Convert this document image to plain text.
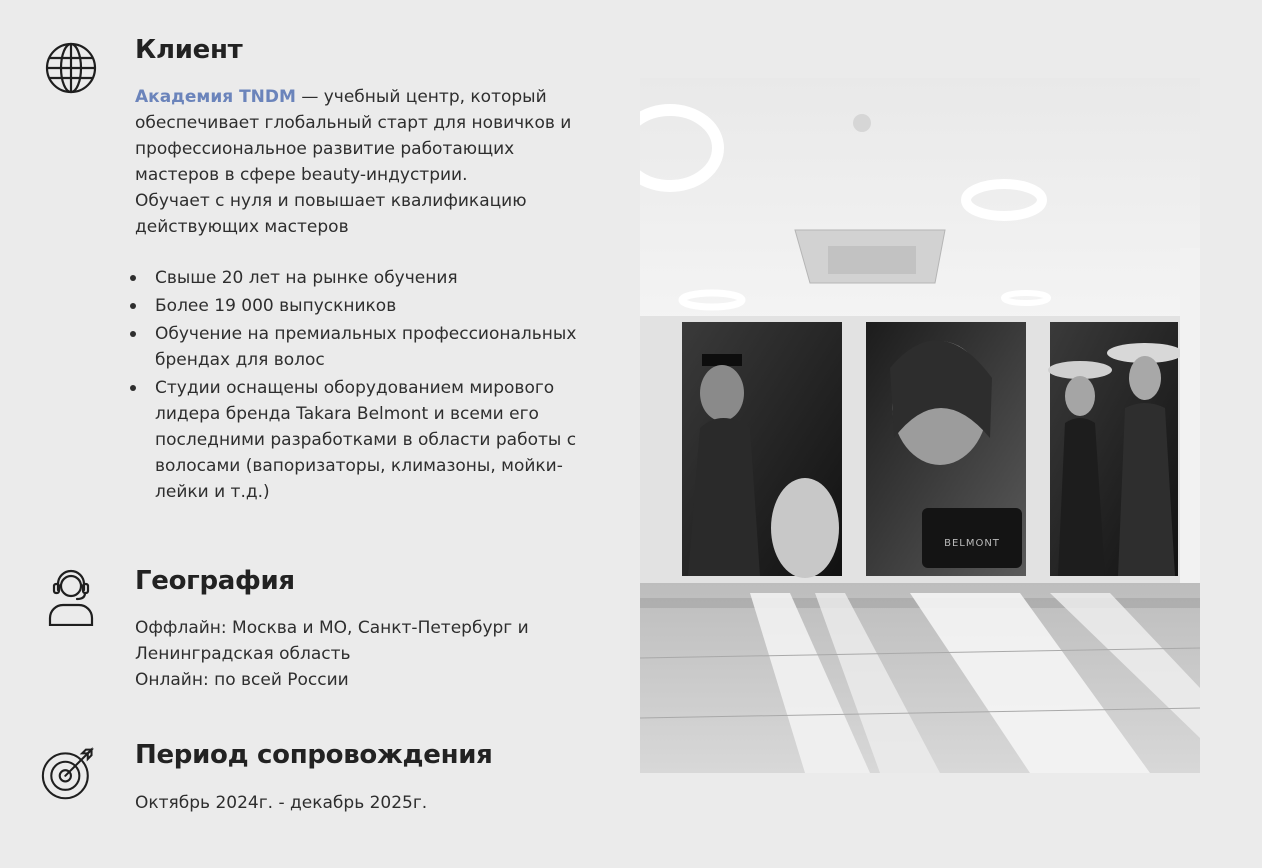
Клиент

Академия TNDM — учебный центр, который обеспечивает глобальный старт для новичков и профессиональное развитие работающих мастеров в сфере beauty-индустрии.

Обучает с нуля и повышает квалификацию действующих мастеров

Свыше 20 лет на рынке обучения
Более 19 000 выпускников
Обучение на премиальных профессиональных брендах для волос
Студии оснащены оборудованием мирового лидера бренда Takara Belmont и всеми его последними разработками в области работы с волосами (вапоризаторы, климазоны, мойки-лейки и т.д.)
География

Оффлайн: Москва и МО, Санкт-Петербург и Ленинградская область

Онлайн: по всей России

Период сопровождения

Октябрь 2024г. - декабрь 2025г.

BELMONT
